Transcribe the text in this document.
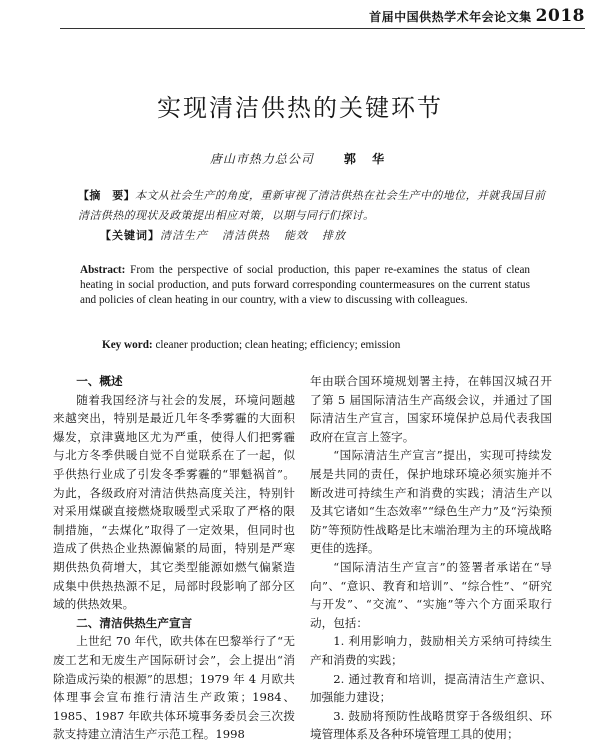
首届中国供热学术年会论文集 2018
实现清洁供热的关键环节
唐山市热力总公司	郭 华
【摘　要】本文从社会生产的角度，重新审视了清洁供热在社会生产中的地位，并就我国目前清洁供热的现状及政策提出相应对策，以期与同行们探讨。
【关键词】清洁生产 清洁供热 能效 排放
Abstract: From the perspective of social production, this paper re-examines the status of clean heating in social production, and puts forward corresponding countermeasures on the current status and policies of clean heating in our country, with a view to discussing with colleagues.
Key word: cleaner production; clean heating; efficiency; emission
一、概述

随着我国经济与社会的发展，环境问题越来越突出，特别是最近几年冬季雾霾的大面积爆发，京津冀地区尤为严重，使得人们把雾霾与北方冬季供暖自觉不自觉联系在了一起，似乎供热行业成了引发冬季雾霾的“罪魁祸首”。为此，各级政府对清洁供热高度关注，特别针对采用煤碳直接燃烧取暖型式采取了严格的限制措施，“去煤化”取得了一定效果，但同时也造成了供热企业热源偏紧的局面，特别是严寒期供热负荷增大，其它类型能源如燃气偏紧造成集中供热热源不足，局部时段影响了部分区域的供热效果。

二、清洁供热生产宣言

上世纪 70 年代，欧共体在巴黎举行了“无废工艺和无废生产国际研讨会”，会上提出“消除造成污染的根源”的思想；1979 年 4 月欧共体理事会宣布推行清洁生产政策；1984、1985、1987 年欧共体环境事务委员会三次拨款支持建立清洁生产示范工程。1998

年由联合国环境规划署主持，在韩国汉城召开了第 5 届国际清洁生产高级会议，并通过了国际清洁生产宣言，国家环境保护总局代表我国政府在宣言上签字。

“国际清洁生产宣言”提出，实现可持续发展是共同的责任，保护地球环境必须实施并不断改进可持续生产和消费的实践；清洁生产以及其它诸如“生态效率”“绿色生产力”及“污染预防”等预防性战略是比末端治理为主的环境战略更佳的选择。

“国际清洁生产宣言”的签署者承诺在“导向”、“意识、教育和培训”、“综合性”、“研究与开发”、“交流”、“实施”等六个方面采取行动，包括：

1. 利用影响力，鼓励相关方采纳可持续生产和消费的实践；

2. 通过教育和培训，提高清洁生产意识、加强能力建设；

3. 鼓励将预防性战略贯穿于各级组织、环境管理体系及各种环境管理工具的使用；
